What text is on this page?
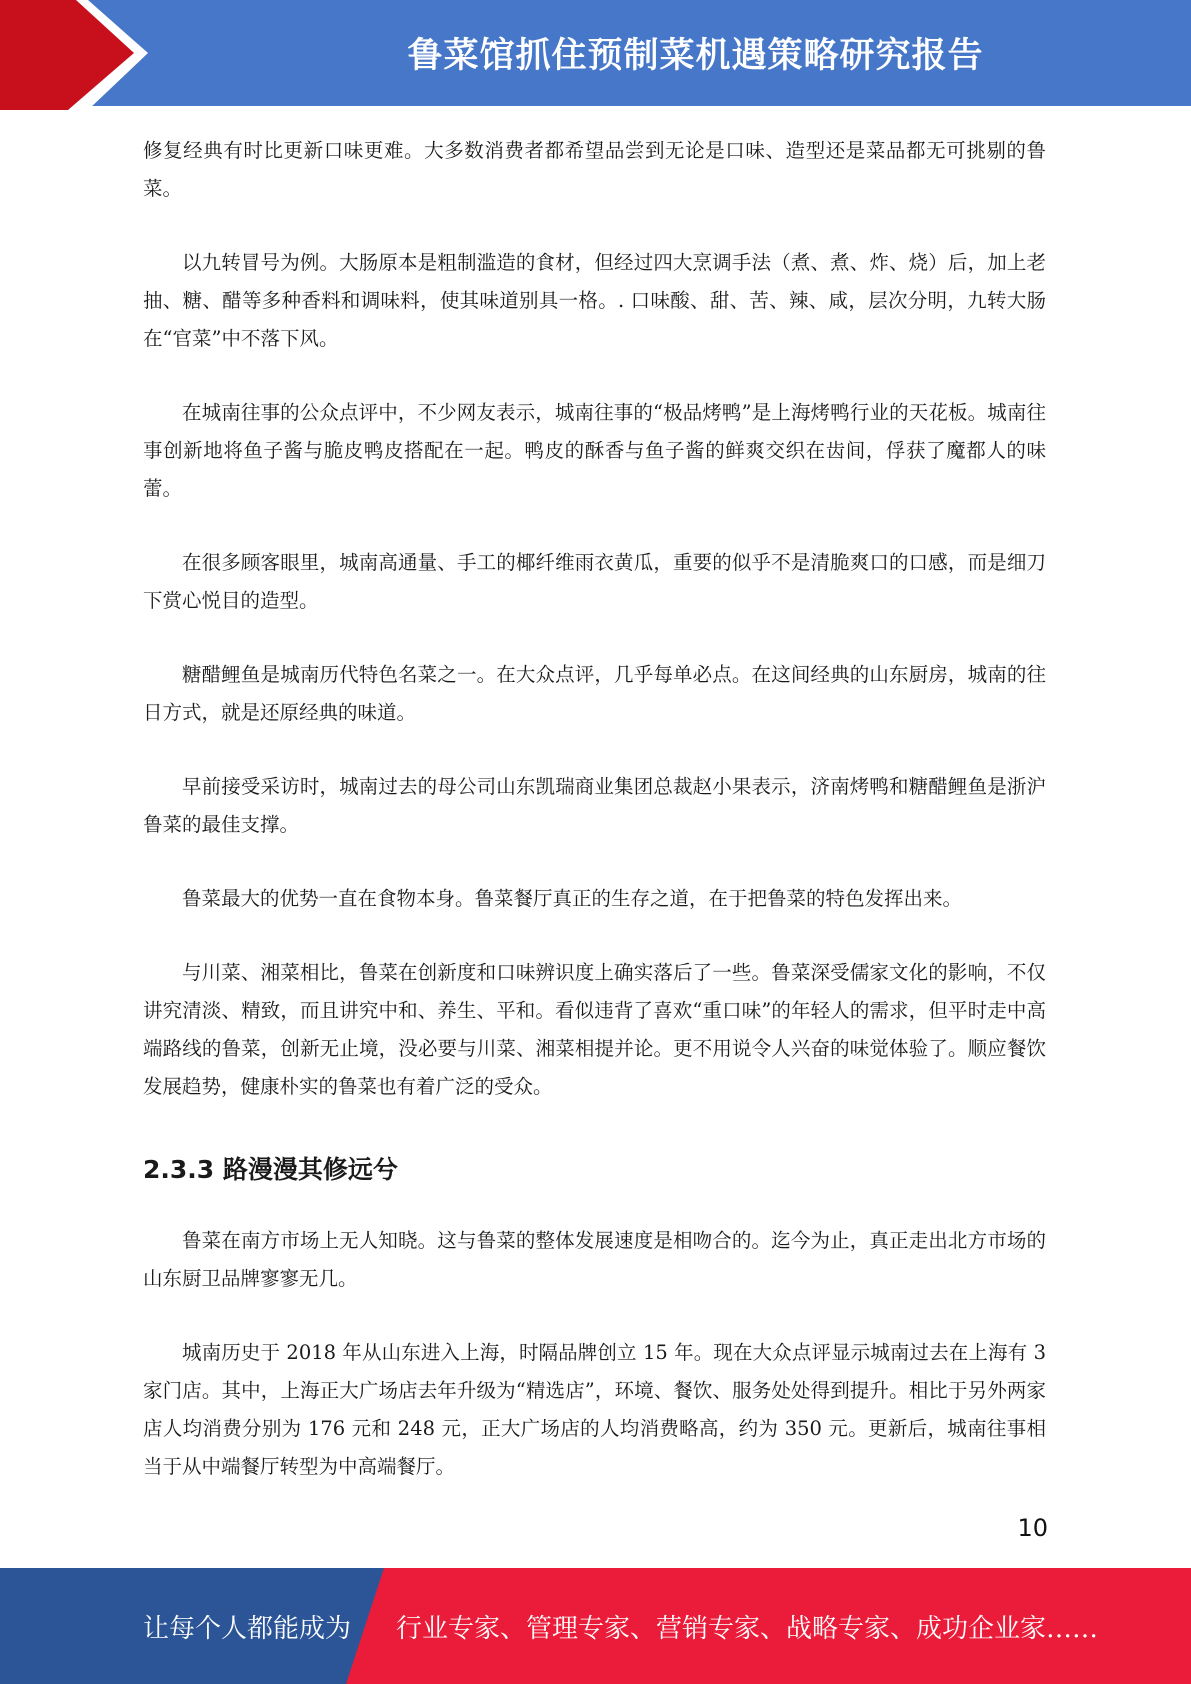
鲁菜馆抓住预制菜机遇策略研究报告

修复经典有时比更新口味更难。大多数消费者都希望品尝到无论是口味、造型还是菜品都无可挑剔的鲁菜。

以九转冒号为例。大肠原本是粗制滥造的食材，但经过四大烹调手法（煮、煮、炸、烧）后，加上老抽、糖、醋等多种香料和调味料，使其味道别具一格。. 口味酸、甜、苦、辣、咸，层次分明，九转大肠在“官菜”中不落下风。

在城南往事的公众点评中，不少网友表示，城南往事的“极品烤鸭”是上海烤鸭行业的天花板。城南往事创新地将鱼子酱与脆皮鸭皮搭配在一起。鸭皮的酥香与鱼子酱的鲜爽交织在齿间，俘获了魔都人的味蕾。

在很多顾客眼里，城南高通量、手工的椰纤维雨衣黄瓜，重要的似乎不是清脆爽口的口感，而是细刀下赏心悦目的造型。

糖醋鲤鱼是城南历代特色名菜之一。在大众点评，几乎每单必点。在这间经典的山东厨房，城南的往日方式，就是还原经典的味道。

早前接受采访时，城南过去的母公司山东凯瑞商业集团总裁赵小果表示，济南烤鸭和糖醋鲤鱼是浙沪鲁菜的最佳支撑。

鲁菜最大的优势一直在食物本身。鲁菜餐厅真正的生存之道，在于把鲁菜的特色发挥出来。

与川菜、湘菜相比，鲁菜在创新度和口味辨识度上确实落后了一些。鲁菜深受儒家文化的影响，不仅讲究清淡、精致，而且讲究中和、养生、平和。看似违背了喜欢“重口味”的年轻人的需求，但平时走中高端路线的鲁菜，创新无止境，没必要与川菜、湘菜相提并论。更不用说令人兴奋的味觉体验了。顺应餐饮发展趋势，健康朴实的鲁菜也有着广泛的受众。

2.3.3 路漫漫其修远兮

鲁菜在南方市场上无人知晓。这与鲁菜的整体发展速度是相吻合的。迄今为止，真正走出北方市场的山东厨卫品牌寥寥无几。

城南历史于 2018 年从山东进入上海，时隔品牌创立 15 年。现在大众点评显示城南过去在上海有 3 家门店。其中，上海正大广场店去年升级为“精选店”，环境、餐饮、服务处处得到提升。相比于另外两家店人均消费分别为 176 元和 248 元，正大广场店的人均消费略高，约为 350 元。更新后，城南往事相当于从中端餐厅转型为中高端餐厅。

10
让每个人都能成为 行业专家、管理专家、营销专家、战略专家、成功企业家……
